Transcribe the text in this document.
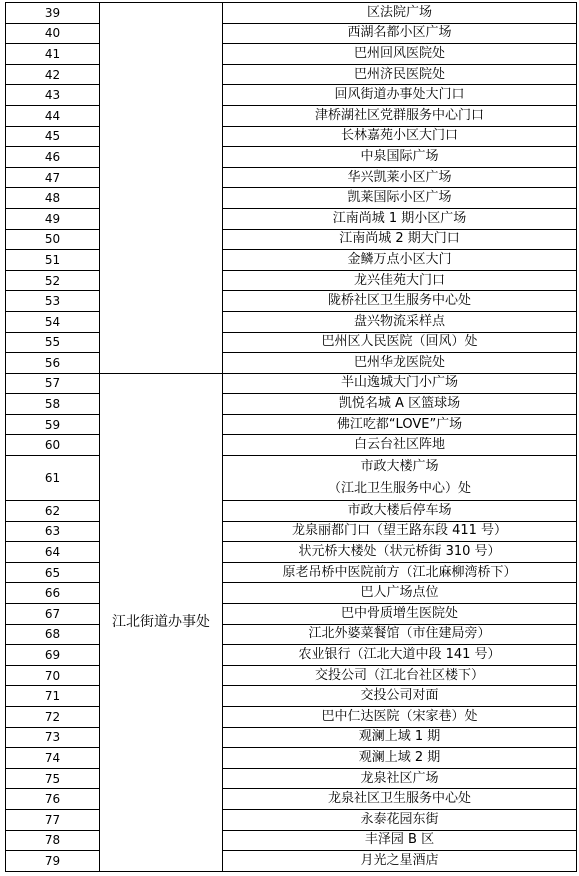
39		区法院广场
40		西湖名都小区广场
41		巴州回风医院处
42		巴州济民医院处
43		回风街道办事处大门口
44		津桥湖社区党群服务中心门口
45		长林嘉苑小区大门口
46		中泉国际广场
47		华兴凯莱小区广场
48		凯莱国际小区广场
49		江南尚城 1 期小区广场
50		江南尚城 2 期大门口
51		金鳞万点小区大门
52		龙兴佳苑大门口
53		陇桥社区卫生服务中心处
54		盘兴物流采样点
55		巴州区人民医院（回风）处
56		巴州华龙医院处
57	江北街道办事处	半山逸城大门小广场
58		凯悦名城 A 区篮球场
59		佛江吃都“LOVE”广场
60		白云台社区阵地
61		市政大楼广场
（江北卫生服务中心）处
62		市政大楼后停车场
63		龙泉丽都门口（望王路东段 411 号）
64		状元桥大楼处（状元桥街 310 号）
65		原老吊桥中医院前方（江北麻柳湾桥下）
66		巴人广场点位
67		巴中骨质增生医院处
68		江北外婆菜餐馆（市住建局旁）
69		农业银行（江北大道中段 141 号）
70		交投公司（江北台社区楼下）
71		交投公司对面
72		巴中仁达医院（宋家巷）处
73		观澜上域 1 期
74		观澜上域 2 期
75		龙泉社区广场
76		龙泉社区卫生服务中心处
77		永泰花园东街
78		丰泽园 B 区
79		月光之星酒店
